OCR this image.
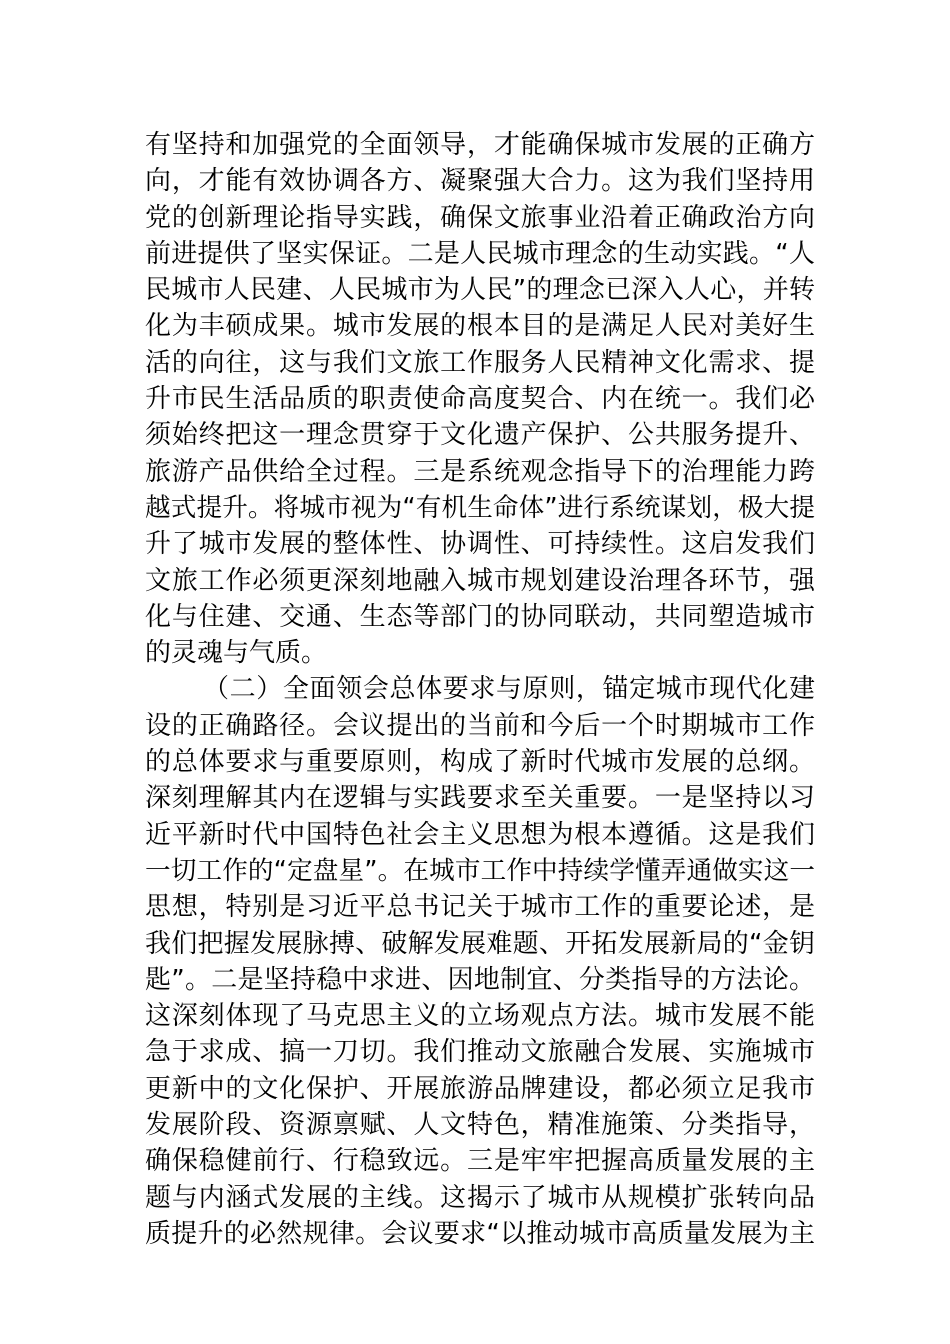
有坚持和加强党的全面领导，才能确保城市发展的正确方
向，才能有效协调各方、凝聚强大合力。这为我们坚持用
党的创新理论指导实践，确保文旅事业沿着正确政治方向
前进提供了坚实保证。二是人民城市理念的生动实践。“人
民城市人民建、人民城市为人民”的理念已深入人心，并转
化为丰硕成果。城市发展的根本目的是满足人民对美好生
活的向往，这与我们文旅工作服务人民精神文化需求、提
升市民生活品质的职责使命高度契合、内在统一。我们必
须始终把这一理念贯穿于文化遗产保护、公共服务提升、
旅游产品供给全过程。三是系统观念指导下的治理能力跨
越式提升。将城市视为“有机生命体”进行系统谋划，极大提
升了城市发展的整体性、协调性、可持续性。这启发我们
文旅工作必须更深刻地融入城市规划建设治理各环节，强
化与住建、交通、生态等部门的协同联动，共同塑造城市
的灵魂与气质。
（二）全面领会总体要求与原则，锚定城市现代化建
设的正确路径。会议提出的当前和今后一个时期城市工作
的总体要求与重要原则，构成了新时代城市发展的总纲。
深刻理解其内在逻辑与实践要求至关重要。一是坚持以习
近平新时代中国特色社会主义思想为根本遵循。这是我们
一切工作的“定盘星”。在城市工作中持续学懂弄通做实这一
思想，特别是习近平总书记关于城市工作的重要论述，是
我们把握发展脉搏、破解发展难题、开拓发展新局的“金钥
匙”。二是坚持稳中求进、因地制宜、分类指导的方法论。
这深刻体现了马克思主义的立场观点方法。城市发展不能
急于求成、搞一刀切。我们推动文旅融合发展、实施城市
更新中的文化保护、开展旅游品牌建设，都必须立足我市
发展阶段、资源禀赋、人文特色，精准施策、分类指导，
确保稳健前行、行稳致远。三是牢牢把握高质量发展的主
题与内涵式发展的主线。这揭示了城市从规模扩张转向品
质提升的必然规律。会议要求“以推动城市高质量发展为主
